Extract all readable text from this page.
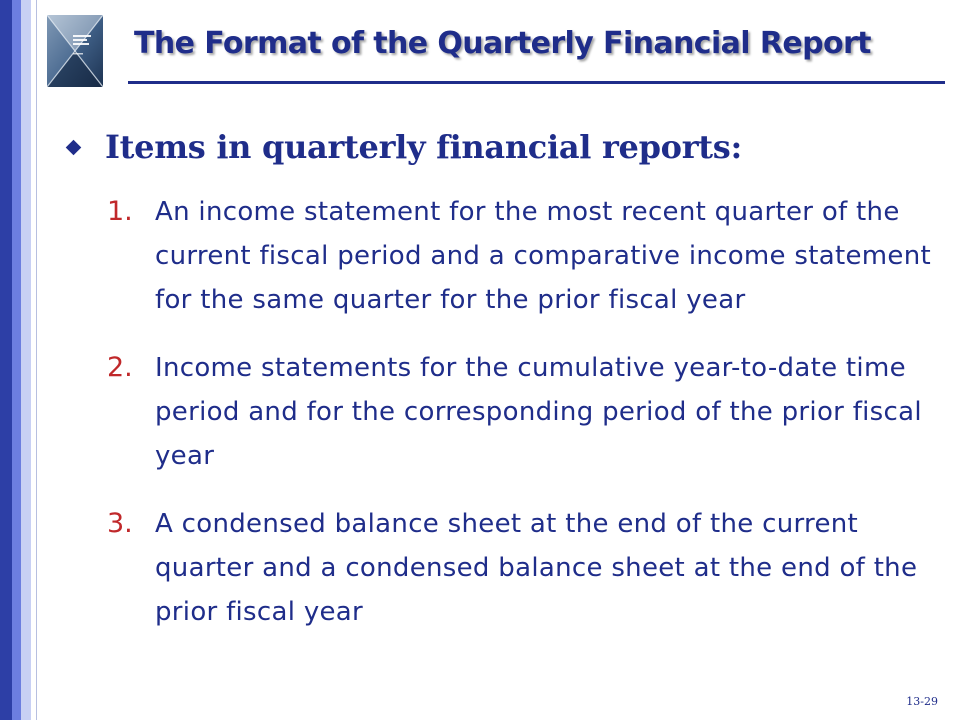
The Format of the Quarterly Financial Report
Items in quarterly financial reports:
1. An income statement for the most recent quarter of the current fiscal period and a comparative income statement for the same quarter for the prior fiscal year
2. Income statements for the cumulative year-to-date time period and for the corresponding period of the prior fiscal year
3. A condensed balance sheet at the end of the current quarter and a condensed balance sheet at the end of the prior fiscal year
13-29
